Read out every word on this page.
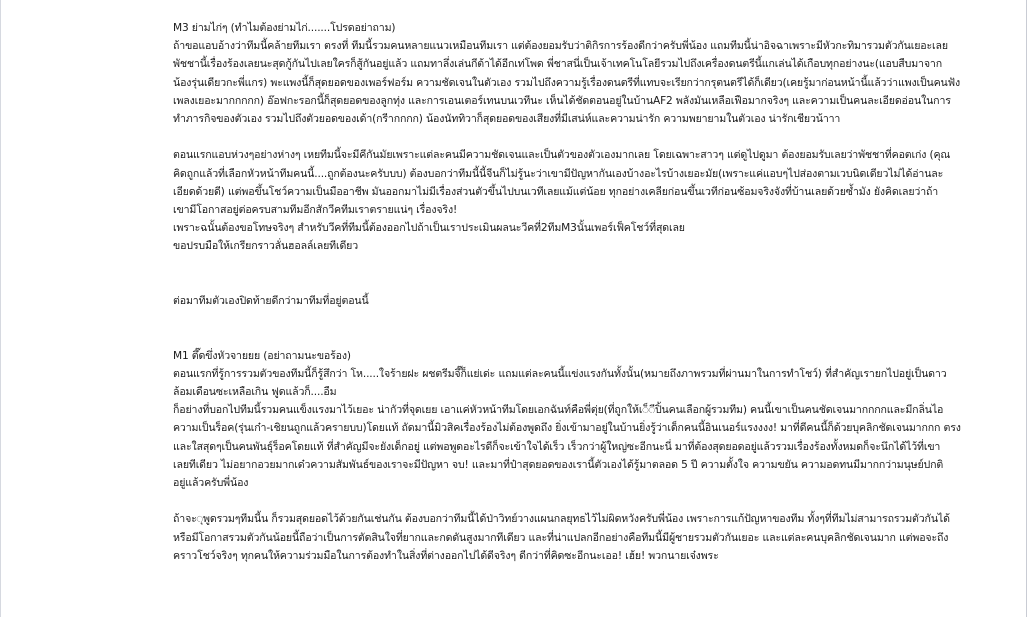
M3 ย่ามไก่ๆ (ทำไมต้องย่ามไก่.......โปรดอย่าถาม)

ถ้าขอแอบอ้างว่าทีมนี้คล้ายทีมเรา ตรงที่ ทีมนี้รวมคนหลายแนวเหมือนทีมเรา แต่ต้องยอมรับว่าติกิรการร้องดีกว่าครับพี่น้อง แถมทีมนี้น่าอิจฉาเพราะมีหัวกะทิมารวมตัวกันเยอะเลย

พัชชานี้เรื่องร้องเลยนะสุดกู้กันไปเลยใครก็สู้กันอยู่แล้ว แถมทาลึ่งเล่นกีต้าได้อีกเท่โพด พี่ชาสนี่เป็นเจ้าเทคโนโลยีรวมไปถึงเครื่องดนตรีนี้แกเล่นได้เกือบทุกอย่างนะ(แอบสืบมาจาก

น้องรุ่นเดียวกะพี่แกร) พะแพงนี้ก็สุดยอดของเพอร์ฟอร์ม ความชัดเจนในตัวเอง รวมไปถึงความรู้เรื่องดนตรีที่แทบจะเรียกว่ากรุตนตรีได้ก็เดียว(เคยรู้มาก่อนหน้านี้แล้วว่าแพงเป็นคนฟัง

เพลงเยอะมากกกกก) อ๊อฟกะรอกนี้ก็สุดยอดของลูกทุ่ง และการเอนเตอร์เทนบนเวทีนะ เห็นได้ชัดตอนอยู่ในบ้านAF2 พลังมันเหลือเฟือมากจริงๆ และความเป็นคนละเอียดอ่อนในการ

ทำภารกิจของตัวเอง รวมไปถึงตัวยอดของเด้า(กรีากกกก) น้องนัททิวาก็สุดยอดของเสียงที่มีเสน่ห์และความน่ารัก ความพยายามในตัวเอง น่ารักเชียวน้าาา

ตอนแรกแอบห่วงๆอย่างห่างๆ เหยทีมนี้จะมีคีกันมัยเพราะแต่ละคนมีความชัดเจนและเป็นตัวของตัวเองมากเลย โดยเฉพาะสาวๆ แต่ดูไปดูมา ต้องยอมรับเลยว่าพัชชาที่คอตเก่ง (คุณ

คิดถูกแล้วที่เลือกหัวหน้าทีมคนนี้....ถูกต้องนะครับบบ) ต้องบอกว่าทีมนี้นี้จีนก็ไม่รู้นะว่าเขามีปัญหากันเองบ้างอะไรบ้างเยอะมัย(เพราะแค่แอบๆไปส่องตามเวบนิดเดียวไม่ได้อ่านละ

เอียดด้วยดี) แต่พอขึ้นโชว์ความเป็นมืออาชีพ มันออกมาไม่มีเรื่องส่วนตัวขึ้นไปบนเวทีเลยแม้แต่น้อย ทุกอย่างเคลียก่อนขึ้นเวทีก่อนซ้อมจริงจังที่บ้านเลยด้วยซ้ำมัง ยังคิดเลยว่าถ้า

เขามีโอกาสอยู่ต่อครบสามทีมอีกสักวีคทีมเราตรายแน่ๆ เรื่องจริง!

เพราะฉนั้นต้องขอโทษจริงๆ สำหรับวีคที่ทีมนี้ต้องออกไปถ้าเป็นเราประเมินผลนะวีคที่2ทีมM3นั้นเพอร์เฟ็คโชว์ที่สุดเลย

ขอปรบมือให้เกรียกราวลั่นฮอลล์เลยทีเดียว

ต่อมาทีมตัวเองปิดท้ายดีกว่ามาทีมที่อยู่ตอนนี้

M1 ตึ๊ดขึ่งหัวจายยย (อย่าถามนะขอร้อง)

ตอนแรกที่รู้การรวมตัวของทีมนี้ก็รู้สึกว่า โห.....ใจร้ายฝะ ผชตรีมจึ๊ก็แย่เด่ะ แถมแต่ละคนนี้แข่งแรงกันทั้งนั้น(หมายถึงภาพรวมที่ผ่านมาในการทำโชว์) ที่สำคัญเรายกไปอยู่เป็นดาว

ล้อมเดือนซะเหลือเกิน ฟูดแล้วก็....อืม

ก็อย่างที่บอกไปทีมนี้รวมคนแข็งแรงมาไว้เยอะ น่ากัวที่จุดเยย เอาแค่หัวหน้าทีมโดยเอกฉันท์คือพี่ตุ่ย(ที่ถูกให้เ◌็◌ีปิ้นคนเลือกผู้รวมทีม) คนนี้เขาเป็นคนชัดเจนมากกกกและมีกลิ่นไอ

ความเป็นร็อค(รุ่นเก๋า-เชิยนถูกแล้วครายบบ)โดยแท้ ถัดมานี้มิวสิคเรื่องร้องไม่ต้องพูดถึง ยิ่งเข้ามาอยู่ในบ้านยิ่งรู้ว่าเด็กคนนี้อินเนอร์แรงงงง! มาที่ดีคนนี้ก็ด้วยบุคลิกชัดเจนมากกก ตรง

และใสสุดๆเป็นคนพันธุ์ร็อคโดยแท้ ที่สำคัญมีจะยังเด็กอยู่ แต่พอพูดอะไรดีก็จะเข้าใจได้เร็ว เร็วกว่าผู้ใหญ่ซะอีกนะนี่ มาที่ต้องสุดยอดอยู่แล้วรวมเรื่องร้องทั้งหมดก็จะนึกได้ไว้ที่เขา

เลยทีเดียว ไม่อยากอวยมากเด๋วความสัมพันธ์ของเราจะมีปัญหา จบ! และมาที่ป๋าสุดยอดของเรานี้ตัวเองได้รู้มาตลอด 5 ปี ความตั้งใจ ความขยัน ความอดทนมีมากกว่ามนุษย์ปกติ

อยู่แล้วครับพี่น้อง

ถ้าจะ◌ุพูดรวมๆทีมนี้น ก็รวมสุดยอดไว้ด้วยกันเช่นกัน ต้องบอกว่าทีมนี้ได้ป่าวิทย์วางแผนกลยุทธไว้ไม่ผิดหวังครับพี่น้อง เพราะการแก้ปัญหาของทีม ทั้งๆที่ทีมไม่สามารถรวมตัวกันได้

หรือมีโอกาสรวมตัวกันน้อยนี้ถือว่าเป็นการตัดสินใจที่ยากและกดดันสูงมากทีเดียว และที่น่าแปลกอีกอย่างคือทีมนี้มีผู้ชายรวมตัวกันเยอะ และแต่ละคนบุคลิกชัดเจนมาก แต่พอจะถึง

คราวโชว์จริงๆ ทุกคนให้ความร่วมมือในการต้องทำในสิ่งที่ต่างออกไปได้ดีจริงๆ ดีกว่าที่คิดซะอีกนะเออ! เฮ้ย! พวกนายเจ๋งพระ
